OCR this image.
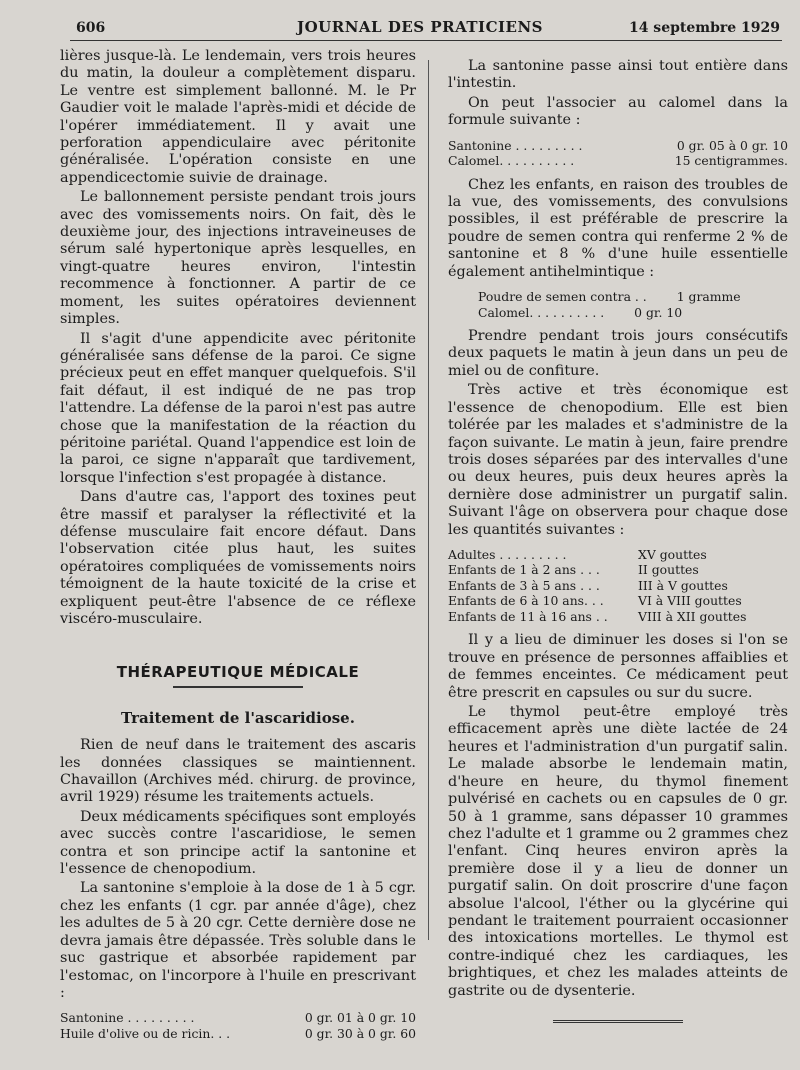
606	JOURNAL DES PRATICIENS	14 septembre 1929

lières jusque-là. Le lendemain, vers trois heures du matin, la douleur a complètement disparu. Le ventre est simplement ballonné. M. le Pr Gaudier voit le malade l'après-midi et décide de l'opérer immédiatement. Il y avait une perforation appendiculaire avec péritonite généralisée. L'opération consiste en une appendicectomie suivie de drainage.

Le ballonnement persiste pendant trois jours avec des vomissements noirs. On fait, dès le deuxième jour, des injections intraveineuses de sérum salé hypertonique après lesquelles, en vingt-quatre heures environ, l'intestin recommence à fonctionner. A partir de ce moment, les suites opératoires deviennent simples.

Il s'agit d'une appendicite avec péritonite généralisée sans défense de la paroi. Ce signe précieux peut en effet manquer quelquefois. S'il fait défaut, il est indiqué de ne pas trop l'attendre. La défense de la paroi n'est pas autre chose que la manifestation de la réaction du péritoine pariétal. Quand l'appendice est loin de la paroi, ce signe n'apparaît que tardivement, lorsque l'infection s'est propagée à distance.

Dans d'autre cas, l'apport des toxines peut être massif et paralyser la réflectivité et la défense musculaire fait encore défaut. Dans l'observation citée plus haut, les suites opératoires compliquées de vomissements noirs témoignent de la haute toxicité de la crise et expliquent peut-être l'absence de ce réflexe viscéro-musculaire.

THÉRAPEUTIQUE MÉDICALE
Traitement de l'ascaridiose.

Rien de neuf dans le traitement des ascaris les données classiques se maintiennent. Chavaillon (Archives méd. chirurg. de province, avril 1929) résume les traitements actuels.

Deux médicaments spécifiques sont employés avec succès contre l'ascaridiose, le semen contra et son principe actif la santonine et l'essence de chenopodium.

La santonine s'emploie à la dose de 1 à 5 cgr. chez les enfants (1 cgr. par année d'âge), chez les adultes de 5 à 20 cgr. Cette dernière dose ne devra jamais être dépassée. Très soluble dans le suc gastrique et absorbée rapidement par l'estomac, on l'incorpore à l'huile en prescrivant :

Santonine . . . . . . . . .	0 gr. 01 à 0 gr. 10
Huile d'olive ou de ricin. . .	0 gr. 30 à 0 gr. 60

La santonine passe ainsi tout entière dans l'intestin.

On peut l'associer au calomel dans la formule suivante :

Santonine . . . . . . . . .	0 gr. 05 à 0 gr. 10
Calomel. . . . . . . . . .	15 centigrammes.

Chez les enfants, en raison des troubles de la vue, des vomissements, des convulsions possibles, il est préférable de prescrire la poudre de semen contra qui renferme 2 % de santonine et 8 % d'une huile essentielle également antihelmintique :

Poudre de semen contra . . 1 gramme
Calomel. . . . . . . . . . 0 gr. 10

Prendre pendant trois jours consécutifs deux paquets le matin à jeun dans un peu de miel ou de confiture.

Très active et très économique est l'essence de chenopodium. Elle est bien tolérée par les malades et s'administre de la façon suivante. Le matin à jeun, faire prendre trois doses séparées par des intervalles d'une ou deux heures, puis deux heures après la dernière dose administrer un purgatif salin. Suivant l'âge on observera pour chaque dose les quantités suivantes :

Adultes . . . . . . . . .	XV gouttes
Enfants de 1 à 2 ans . . .	II gouttes
Enfants de 3 à 5 ans . . .	III à V gouttes
Enfants de 6 à 10 ans. . .	VI à VIII gouttes
Enfants de 11 à 16 ans . . VIII à XII gouttes

Il y a lieu de diminuer les doses si l'on se trouve en présence de personnes affaiblies et de femmes enceintes. Ce médicament peut être prescrit en capsules ou sur du sucre.

Le thymol peut-être employé très efficacement après une diète lactée de 24 heures et l'administration d'un purgatif salin. Le malade absorbe le lendemain matin, d'heure en heure, du thymol finement pulvérisé en cachets ou en capsules de 0 gr. 50 à 1 gramme, sans dépasser 10 grammes chez l'adulte et 1 gramme ou 2 grammes chez l'enfant. Cinq heures environ après la première dose il y a lieu de donner un purgatif salin. On doit proscrire d'une façon absolue l'alcool, l'éther ou la glycérine qui pendant le traitement pourraient occasionner des intoxications mortelles. Le thymol est contre-indiqué chez les cardiaques, les brightiques, et chez les malades atteints de gastrite ou de dysenterie.
